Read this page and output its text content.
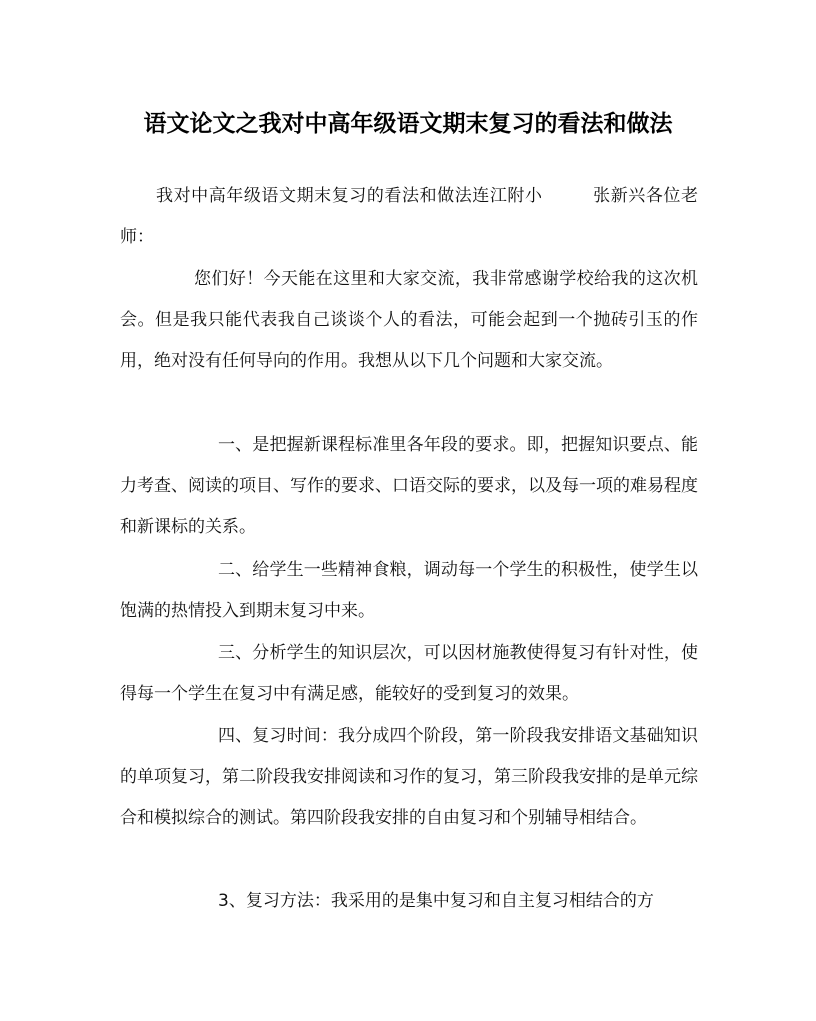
语文论文之我对中高年级语文期末复习的看法和做法
我对中高年级语文期末复习的看法和做法连江附小	张新兴各位老师：

您们好！今天能在这里和大家交流，我非常感谢学校给我的这次机会。但是我只能代表我自己谈谈个人的看法，可能会起到一个抛砖引玉的作用，绝对没有任何导向的作用。我想从以下几个问题和大家交流。

一、是把握新课程标准里各年段的要求。即，把握知识要点、能力考查、阅读的项目、写作的要求、口语交际的要求，以及每一项的难易程度和新课标的关系。

二、给学生一些精神食粮，调动每一个学生的积极性，使学生以饱满的热情投入到期末复习中来。

三、分析学生的知识层次，可以因材施教使得复习有针对性，使得每一个学生在复习中有满足感，能较好的受到复习的效果。

四、复习时间：我分成四个阶段，第一阶段我安排语文基础知识的单项复习，第二阶段我安排阅读和习作的复习，第三阶段我安排的是单元综合和模拟综合的测试。第四阶段我安排的自由复习和个别辅导相结合。

3、复习方法：我采用的是集中复习和自主复习相结合的方
